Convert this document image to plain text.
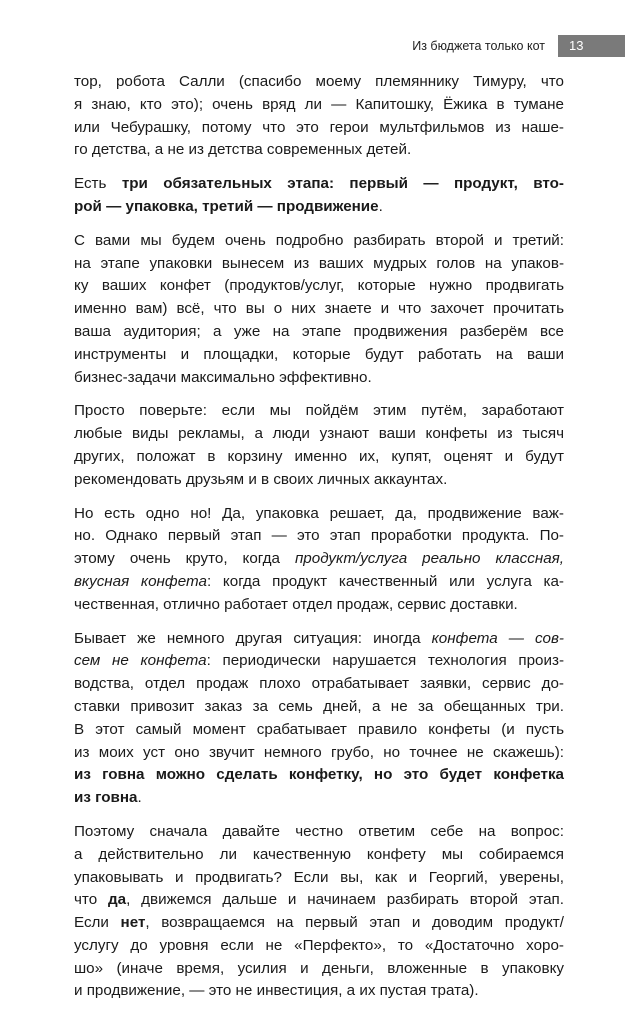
Из бюджета только кот	13

тор, робота Салли (спасибо моему племяннику Тимуру, что
я знаю, кто это); очень вряд ли — Капитошку, Ёжика в тумане
или Чебурашку, потому что это герои мультфильмов из наше-
го детства, а не из детства современных детей.

Есть три обязательных этапа: первый — продукт, вто-
рой — упаковка, третий — продвижение.

С вами мы будем очень подробно разбирать второй и третий:
на этапе упаковки вынесем из ваших мудрых голов на упаков-
ку ваших конфет (продуктов/услуг, которые нужно продвигать
именно вам) всё, что вы о них знаете и что захочет прочитать
ваша аудитория; а уже на этапе продвижения разберём все
инструменты и площадки, которые будут работать на ваши
бизнес-задачи максимально эффективно.

Просто поверьте: если мы пойдём этим путём, заработают
любые виды рекламы, а люди узнают ваши конфеты из тысяч
других, положат в корзину именно их, купят, оценят и будут
рекомендовать друзьям и в своих личных аккаунтах.

Но есть одно но! Да, упаковка решает, да, продвижение важ-
но. Однако первый этап — это этап проработки продукта. По-
этому очень круто, когда продукт/услуга реально классная,
вкусная конфета: когда продукт качественный или услуга ка-
чественная, отлично работает отдел продаж, сервис доставки.

Бывает же немного другая ситуация: иногда конфета — сов-
сем не конфета: периодически нарушается технология произ-
водства, отдел продаж плохо отрабатывает заявки, сервис до-
ставки привозит заказ за семь дней, а не за обещанных три.
В этот самый момент срабатывает правило конфеты (и пусть
из моих уст оно звучит немного грубо, но точнее не скажешь):
из говна можно сделать конфетку, но это будет конфетка
из говна.

Поэтому сначала давайте честно ответим себе на вопрос:
а действительно ли качественную конфету мы собираемся
упаковывать и продвигать? Если вы, как и Георгий, уверены,
что да, движемся дальше и начинаем разбирать второй этап.
Если нет, возвращаемся на первый этап и доводим продукт/
услугу до уровня если не «Перфекто», то «Достаточно хоро-
шо» (иначе время, усилия и деньги, вложенные в упаковку
и продвижение, — это не инвестиция, а их пустая трата).
